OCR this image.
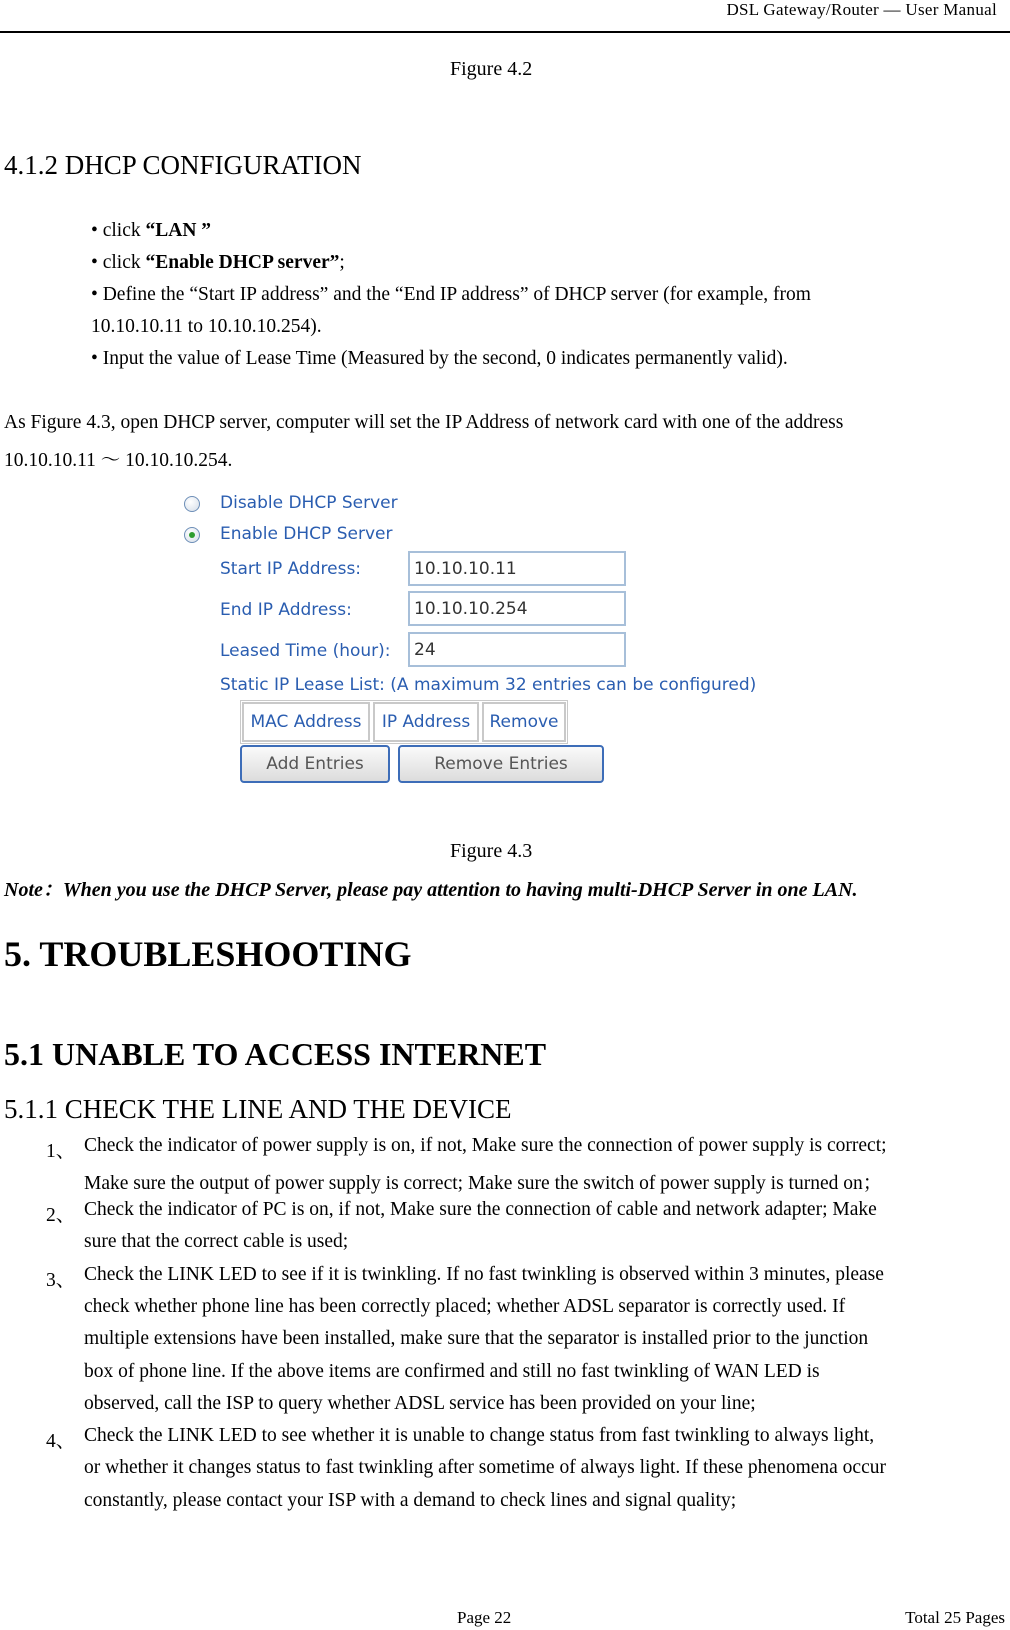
DSL Gateway/Router — User Manual
Figure 4.2
4.1.2 DHCP CONFIGURATION
• click “LAN ”
• click “Enable DHCP server”;
• Define the “Start IP address” and the “End IP address” of DHCP server (for example, from
10.10.10.11 to 10.10.10.254).
• Input the value of Lease Time (Measured by the second, 0 indicates permanently valid).
As Figure 4.3, open DHCP server, computer will set the IP Address of network card with one of the address
10.10.10.11 ～ 10.10.10.254.
Disable DHCP Server
Enable DHCP Server
Start IP Address:	10.10.10.11
End IP Address:	10.10.10.254
Leased Time (hour):	24
Static IP Lease List: (A maximum 32 entries can be configured)
MAC Address	IP Address	Remove
Add Entries	Remove Entries
Figure 4.3
Note：When you use the DHCP Server, please pay attention to having multi-DHCP Server in one LAN.
5. TROUBLESHOOTING
5.1 UNABLE TO ACCESS INTERNET
5.1.1 CHECK THE LINE AND THE DEVICE
1、 Check the indicator of power supply is on, if not, Make sure the connection of power supply is correct;
Make sure the output of power supply is correct; Make sure the switch of power supply is turned on；
2、 Check the indicator of PC is on, if not, Make sure the connection of cable and network adapter; Make
sure that the correct cable is used;
3、 Check the LINK LED to see if it is twinkling. If no fast twinkling is observed within 3 minutes, please
check whether phone line has been correctly placed; whether ADSL separator is correctly used. If
multiple extensions have been installed, make sure that the separator is installed prior to the junction
box of phone line. If the above items are confirmed and still no fast twinkling of WAN LED is
observed, call the ISP to query whether ADSL service has been provided on your line;
4、 Check the LINK LED to see whether it is unable to change status from fast twinkling to always light,
or whether it changes status to fast twinkling after sometime of always light. If these phenomena occur
constantly, please contact your ISP with a demand to check lines and signal quality;
Page 22	Total 25 Pages
